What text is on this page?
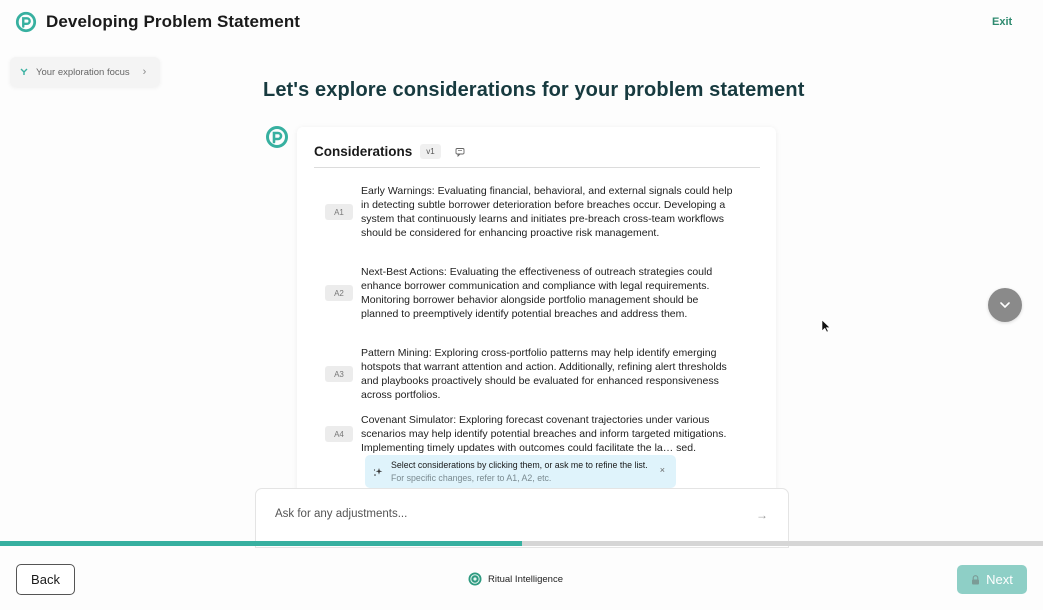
Developing Problem Statement	Exit
Your exploration focus ›
Let's explore considerations for your problem statement
Considerations	v1
A1
Early Warnings: Evaluating financial, behavioral, and external signals could help in detecting subtle borrower deterioration before breaches occur. Developing a system that continuously learns and initiates pre-breach cross-team workflows should be considered for enhancing proactive risk management.
A2
Next-Best Actions: Evaluating the effectiveness of outreach strategies could enhance borrower communication and compliance with legal requirements. Monitoring borrower behavior alongside portfolio management should be planned to preemptively identify potential breaches and address them.
A3
Pattern Mining: Exploring cross-portfolio patterns may help identify emerging hotspots that warrant attention and action. Additionally, refining alert thresholds and playbooks proactively should be evaluated for enhanced responsiveness across portfolios.
A4
Covenant Simulator: Exploring forecast covenant trajectories under various scenarios may help identify potential breaches and inform targeted mitigations. Implementing timely updates with outcomes could facilitate the la… sed.
Select considerations by clicking them, or ask me to refine the list. For specific changes, refer to A1, A2, etc.
×
Ask for any adjustments...
→
Back	Ritual Intelligence	Next
